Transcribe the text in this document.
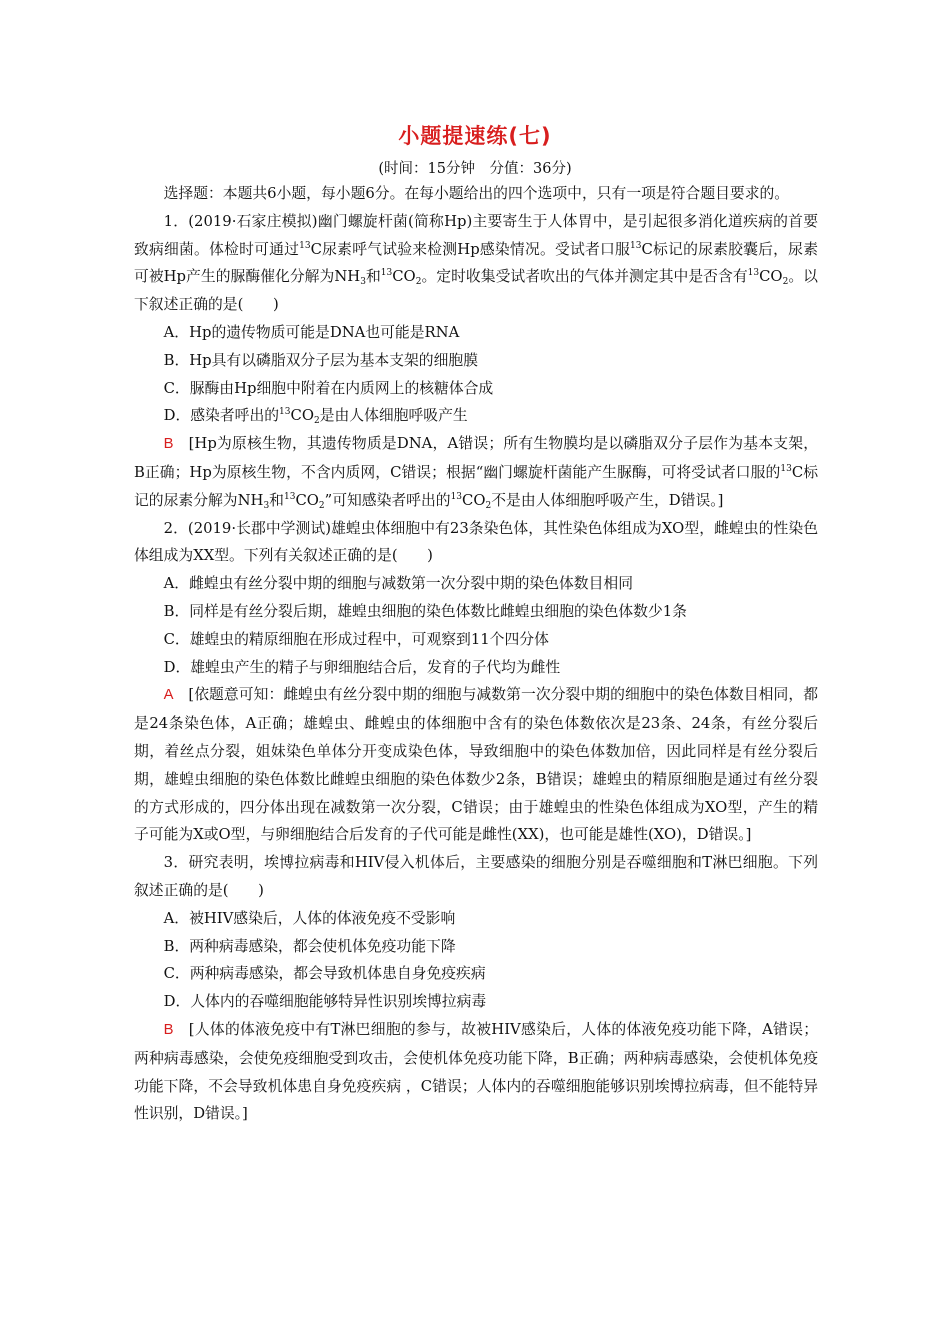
小题提速练(七)
(时间：15分钟　分值：36分)

选择题：本题共6小题，每小题6分。在每小题给出的四个选项中，只有一项是符合题目要求的。

1．(2019·石家庄模拟)幽门螺旋杆菌(简称Hp)主要寄生于人体胃中，是引起很多消化道疾病的首要致病细菌。体检时可通过$^{13}$C尿素呼气试验来检测Hp感染情况。受试者口服$^{13}$C标记的尿素胶囊后，尿素可被Hp产生的脲酶催化分解为$NH_3$和$^{13}CO_2$。定时收集受试者吹出的气体并测定其中是否含有$^{13}CO_2$。以下叙述正确的是(　　)

A．Hp的遗传物质可能是DNA也可能是RNA

B．Hp具有以磷脂双分子层为基本支架的细胞膜

C．脲酶由Hp细胞中附着在内质网上的核糖体合成

D．感染者呼出的$^{13}CO_2$是由人体细胞呼吸产生

B　[Hp为原核生物，其遗传物质是DNA，A错误；所有生物膜均是以磷脂双分子层作为基本支架，B正确；Hp为原核生物，不含内质网，C错误；根据“幽门螺旋杆菌能产生脲酶，可将受试者口服的$^{13}$C标记的尿素分解为$NH_3$和$^{13}CO_2$”可知感染者呼出的$^{13}CO_2$不是由人体细胞呼吸产生，D错误。]

2．(2019·长郡中学测试)雄蝗虫体细胞中有23条染色体，其性染色体组成为XO型，雌蝗虫的性染色体组成为XX型。下列有关叙述正确的是(　　)

A．雌蝗虫有丝分裂中期的细胞与减数第一次分裂中期的染色体数目相同

B．同样是有丝分裂后期，雄蝗虫细胞的染色体数比雌蝗虫细胞的染色体数少1条

C．雄蝗虫的精原细胞在形成过程中，可观察到11个四分体

D．雄蝗虫产生的精子与卵细胞结合后，发育的子代均为雌性

A　[依题意可知：雌蝗虫有丝分裂中期的细胞与减数第一次分裂中期的细胞中的染色体数目相同，都是24条染色体，A正确；雄蝗虫、雌蝗虫的体细胞中含有的染色体数依次是23条、24条，有丝分裂后期，着丝点分裂，姐妹染色单体分开变成染色体，导致细胞中的染色体数加倍，因此同样是有丝分裂后期，雄蝗虫细胞的染色体数比雌蝗虫细胞的染色体数少2条，B错误；雄蝗虫的精原细胞是通过有丝分裂的方式形成的，四分体出现在减数第一次分裂，C错误；由于雄蝗虫的性染色体组成为XO型，产生的精子可能为X或O型，与卵细胞结合后发育的子代可能是雌性(XX)，也可能是雄性(XO)，D错误。]

3．研究表明，埃博拉病毒和HIV侵入机体后，主要感染的细胞分别是吞噬细胞和T淋巴细胞。下列叙述正确的是(　　)

A．被HIV感染后，人体的体液免疫不受影响

B．两种病毒感染，都会使机体免疫功能下降

C．两种病毒感染，都会导致机体患自身免疫疾病

D．人体内的吞噬细胞能够特异性识别埃博拉病毒

B　[人体的体液免疫中有T淋巴细胞的参与，故被HIV感染后，人体的体液免疫功能下降，A错误；两种病毒感染，会使免疫细胞受到攻击，会使机体免疫功能下降，B正确；两种病毒感染，会使机体免疫功能下降，不会导致机体患自身免疫疾病 ，C错误；人体内的吞噬细胞能够识别埃博拉病毒，但不能特异性识别，D错误。]
